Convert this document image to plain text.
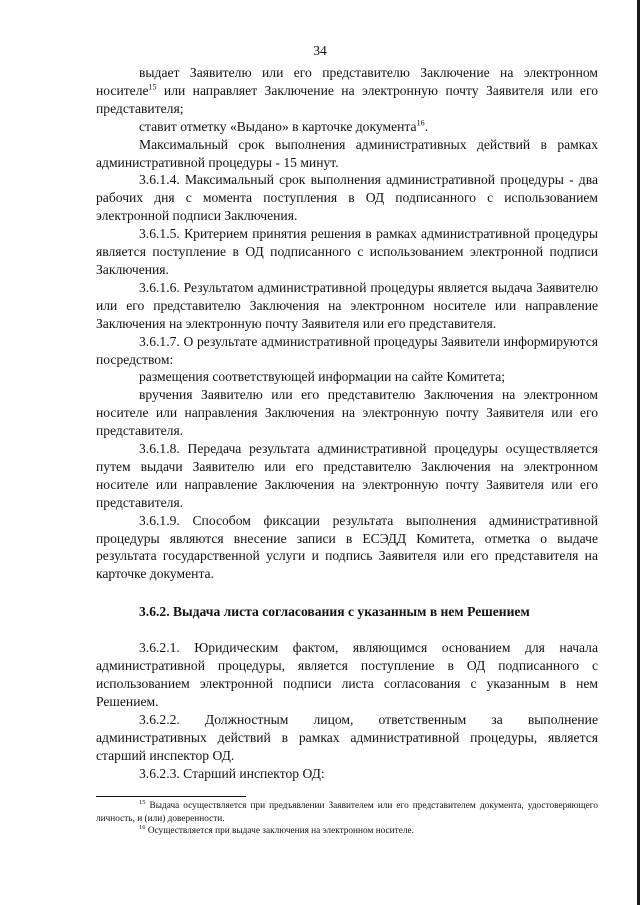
34

выдает Заявителю или его представителю Заключение на электронном носителе$^{15}$ или направляет Заключение на электронную почту Заявителя или его представителя;

ставит отметку «Выдано» в карточке документа$^{16}$.

Максимальный срок выполнения административных действий в рамках административной процедуры - 15 минут.

3.6.1.4. Максимальный срок выполнения административной процедуры - два рабочих дня с момента поступления в ОД подписанного с использованием электронной подписи Заключения.

3.6.1.5. Критерием принятия решения в рамках административной процедуры является поступление в ОД подписанного с использованием электронной подписи Заключения.

3.6.1.6. Результатом административной процедуры является выдача Заявителю или его представителю Заключения на электронном носителе или направление Заключения на электронную почту Заявителя или его представителя.

3.6.1.7. О результате административной процедуры Заявители информируются посредством:

размещения соответствующей информации на сайте Комитета;

вручения Заявителю или его представителю Заключения на электронном носителе или направления Заключения на электронную почту Заявителя или его представителя.

3.6.1.8. Передача результата административной процедуры осуществляется путем выдачи Заявителю или его представителю Заключения на электронном носителе или направление Заключения на электронную почту Заявителя или его представителя.

3.6.1.9. Способом фиксации результата выполнения административной процедуры являются внесение записи в ЕСЭДД Комитета, отметка о выдаче результата государственной услуги и подпись Заявителя или его представителя на карточке документа.

3.6.2. Выдача листа согласования с указанным в нем Решением

3.6.2.1. Юридическим фактом, являющимся основанием для начала административной процедуры, является поступление в ОД подписанного с использованием электронной подписи листа согласования с указанным в нем Решением.

3.6.2.2. Должностным лицом, ответственным за выполнение административных действий в рамках административной процедуры, является старший инспектор ОД.

3.6.2.3. Старший инспектор ОД:

$^{15}$ Выдача осуществляется при предъявлении Заявителем или его представителем документа, удостоверяющего личность, и (или) доверенности.

$^{16}$ Осуществляется при выдаче заключения на электронном носителе.
